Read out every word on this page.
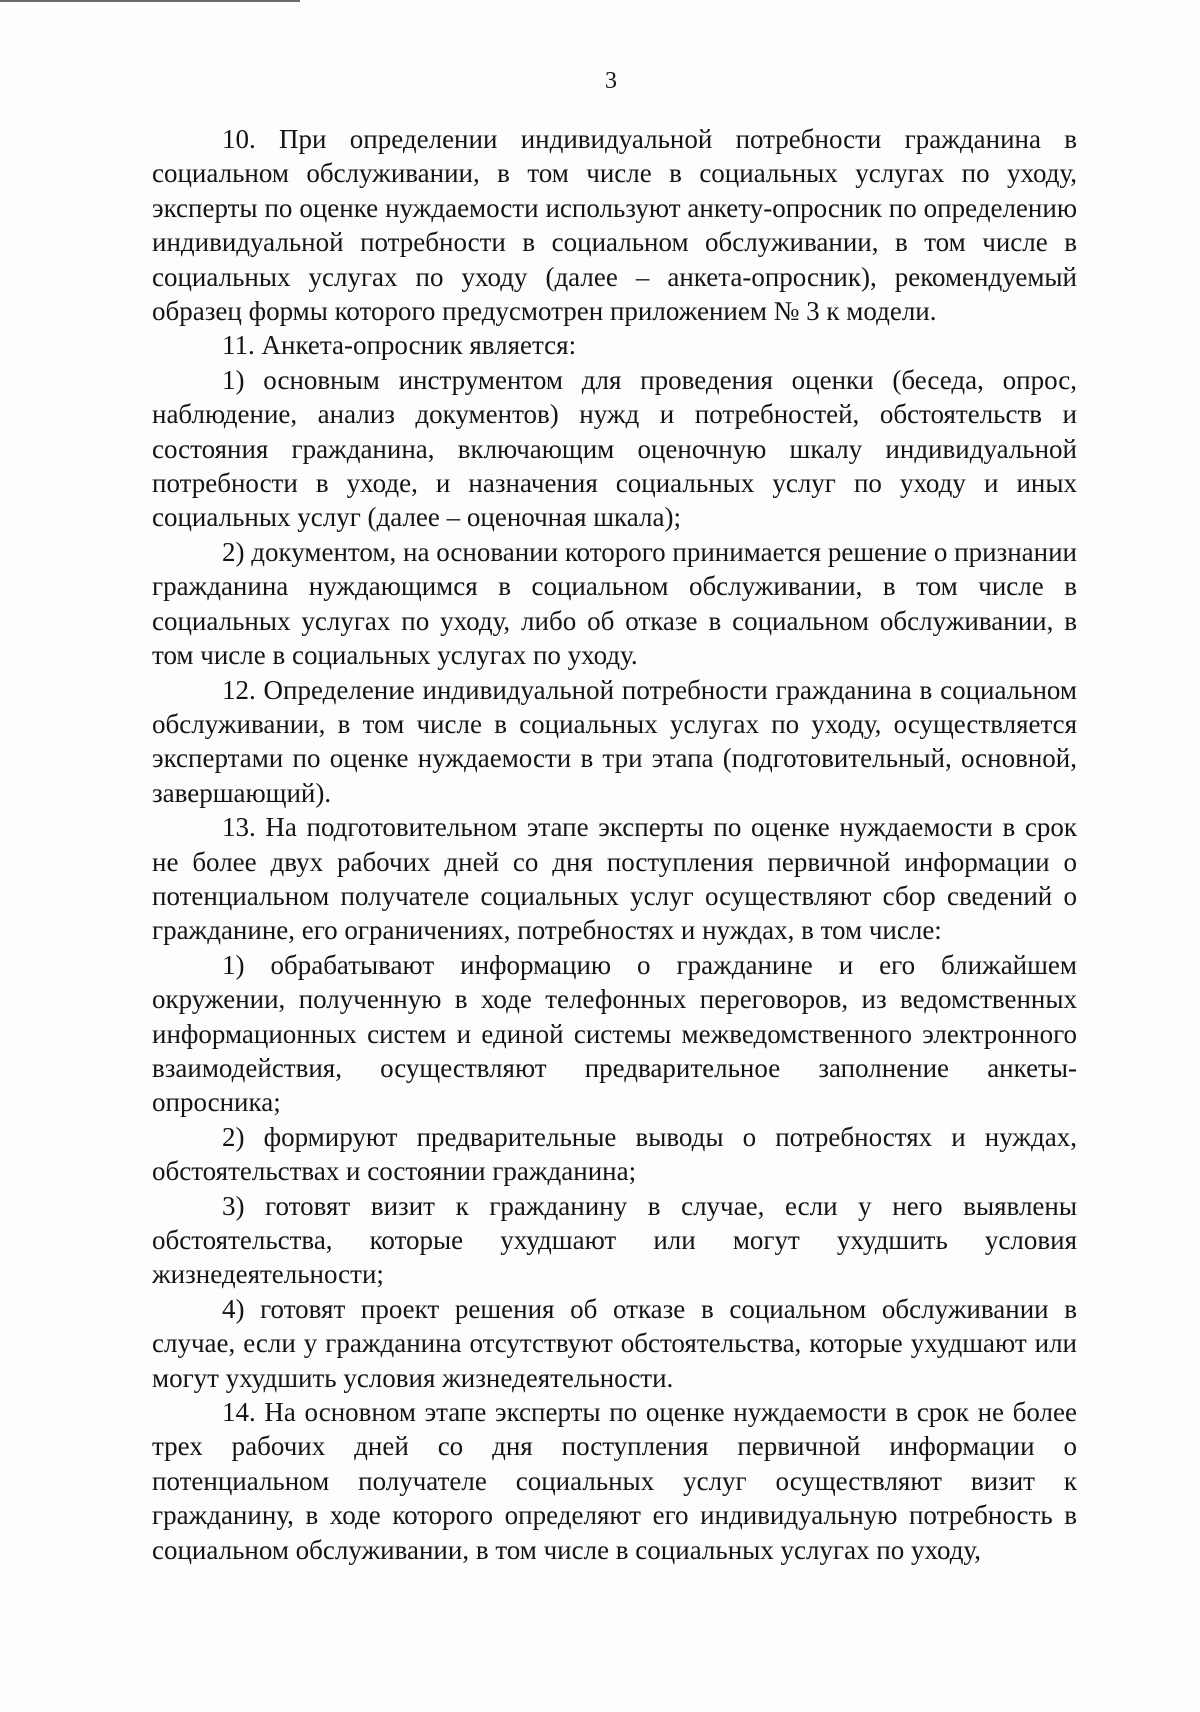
3

10. При определении индивидуальной потребности гражданина в социальном обслуживании, в том числе в социальных услугах по уходу, эксперты по оценке нуждаемости используют анкету-опросник по определению индивидуальной потребности в социальном обслуживании, в том числе в социальных услугах по уходу (далее – анкета-опросник), рекомендуемый образец формы которого предусмотрен приложением № 3 к модели.

11. Анкета-опросник является:

1) основным инструментом для проведения оценки (беседа, опрос, наблюдение, анализ документов) нужд и потребностей, обстоятельств и состояния гражданина, включающим оценочную шкалу индивидуальной потребности в уходе, и назначения социальных услуг по уходу и иных социальных услуг (далее – оценочная шкала);

2) документом, на основании которого принимается решение о признании гражданина нуждающимся в социальном обслуживании, в том числе в социальных услугах по уходу, либо об отказе в социальном обслуживании, в том числе в социальных услугах по уходу.

12. Определение индивидуальной потребности гражданина в социальном обслуживании, в том числе в социальных услугах по уходу, осуществляется экспертами по оценке нуждаемости в три этапа (подготовительный, основной, завершающий).

13. На подготовительном этапе эксперты по оценке нуждаемости в срок не более двух рабочих дней со дня поступления первичной информации о потенциальном получателе социальных услуг осуществляют сбор сведений о гражданине, его ограничениях, потребностях и нуждах, в том числе:

1) обрабатывают информацию о гражданине и его ближайшем окружении, полученную в ходе телефонных переговоров, из ведомственных информационных систем и единой системы межведомственного электронного взаимодействия, осуществляют предварительное заполнение анкеты-опросника;

2) формируют предварительные выводы о потребностях и нуждах, обстоятельствах и состоянии гражданина;

3) готовят визит к гражданину в случае, если у него выявлены обстоятельства, которые ухудшают или могут ухудшить условия жизнедеятельности;

4) готовят проект решения об отказе в социальном обслуживании в случае, если у гражданина отсутствуют обстоятельства, которые ухудшают или могут ухудшить условия жизнедеятельности.

14. На основном этапе эксперты по оценке нуждаемости в срок не более трех рабочих дней со дня поступления первичной информации о потенциальном получателе социальных услуг осуществляют визит к гражданину, в ходе которого определяют его индивидуальную потребность в социальном обслуживании, в том числе в социальных услугах по уходу,
